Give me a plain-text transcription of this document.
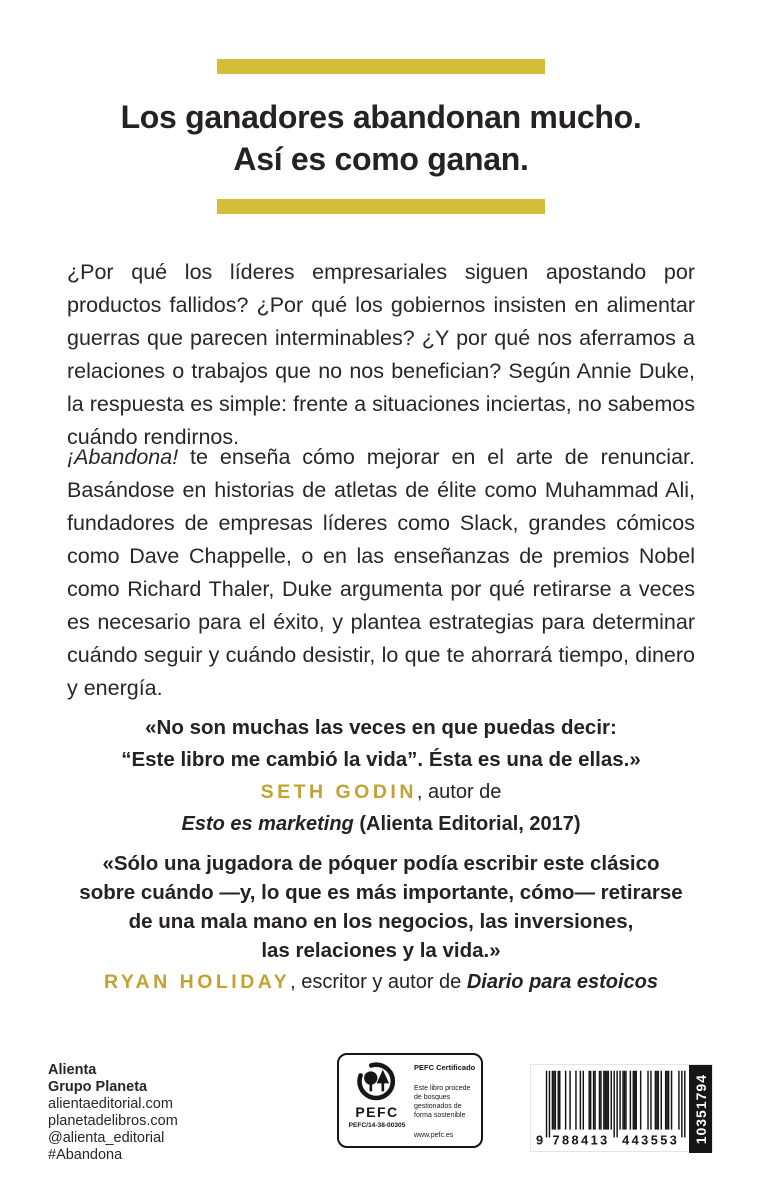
Los ganadores abandonan mucho.
Así es como ganan.

¿Por qué los líderes empresariales siguen apostando por productos fallidos? ¿Por qué los gobiernos insisten en alimentar guerras que parecen interminables? ¿Y por qué nos aferramos a relaciones o trabajos que no nos benefician? Según Annie Duke, la respuesta es simple: frente a situaciones inciertas, no sabemos cuándo rendirnos.

¡Abandona! te enseña cómo mejorar en el arte de renunciar. Basándose en historias de atletas de élite como Muhammad Ali, fundadores de empresas líderes como Slack, grandes cómicos como Dave Chappelle, o en las enseñanzas de premios Nobel como Richard Thaler, Duke argumenta por qué retirarse a veces es necesario para el éxito, y plantea estrategias para determinar cuándo seguir y cuándo desistir, lo que te ahorrará tiempo, dinero y energía.

«No son muchas las veces en que puedas decir:
“Este libro me cambió la vida”. Ésta es una de ellas.»
SETH GODIN, autor de
Esto es marketing (Alienta Editorial, 2017)
«Sólo una jugadora de póquer podía escribir este clásico
sobre cuándo —y, lo que es más importante, cómo— retirarse
de una mala mano en los negocios, las inversiones,
las relaciones y la vida.»
RYAN HOLIDAY, escritor y autor de Diario para estoicos
Alienta
Grupo Planeta
alientaeditorial.com
planetadelibros.com
@alienta_editorial
#Abandona
PEFC
PEFC/14-38-00305
PEFC Certificado
Este libro procede de bosques gestionados de forma sostenible
www.pefc.es	9 788413 443553 10351794
